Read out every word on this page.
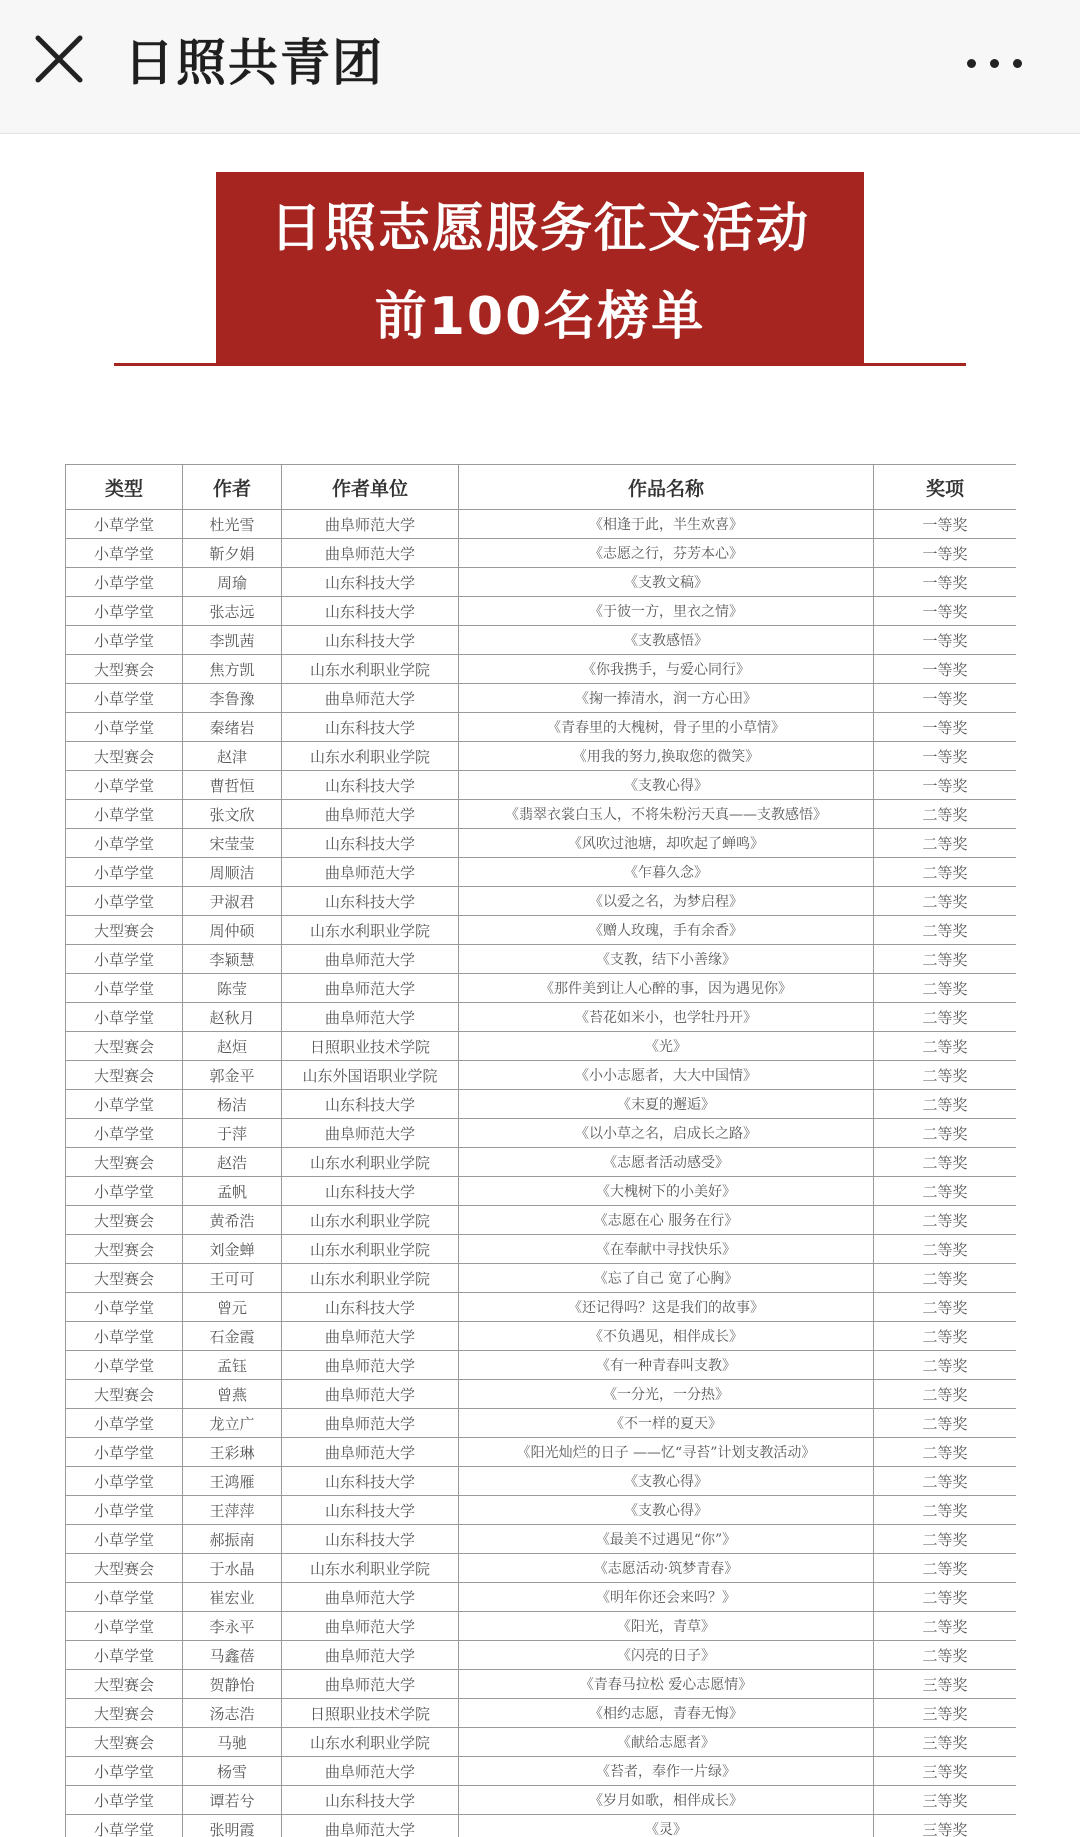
日照共青团
日照志愿服务征文活动
前100名榜单
类型	作者	作者单位	作品名称	奖项
小草学堂	杜光雪	曲阜师范大学	《相逢于此，半生欢喜》	一等奖
小草学堂	靳夕娟	曲阜师范大学	《志愿之行，芬芳本心》	一等奖
小草学堂	周瑜	山东科技大学	《支教文稿》	一等奖
小草学堂	张志远	山东科技大学	《于彼一方，里衣之情》	一等奖
小草学堂	李凯茜	山东科技大学	《支教感悟》	一等奖
大型赛会	焦方凯	山东水利职业学院	《你我携手，与爱心同行》	一等奖
小草学堂	李鲁豫	曲阜师范大学	《掬一捧清水，润一方心田》	一等奖
小草学堂	秦绪岩	山东科技大学	《青春里的大槐树，骨子里的小草情》	一等奖
大型赛会	赵津	山东水利职业学院	《用我的努力,换取您的微笑》	一等奖
小草学堂	曹哲恒	山东科技大学	《支教心得》	一等奖
小草学堂	张文欣	曲阜师范大学	《翡翠衣裳白玉人，不将朱粉污天真——支教感悟》	二等奖
小草学堂	宋莹莹	山东科技大学	《风吹过池塘，却吹起了蝉鸣》	二等奖
小草学堂	周顺洁	曲阜师范大学	《乍暮久念》	二等奖
小草学堂	尹淑君	山东科技大学	《以爱之名，为梦启程》	二等奖
大型赛会	周仲硕	山东水利职业学院	《赠人玫瑰，手有余香》	二等奖
小草学堂	李颖慧	曲阜师范大学	《支教，结下小善缘》	二等奖
小草学堂	陈莹	曲阜师范大学	《那件美到让人心醉的事，因为遇见你》	二等奖
小草学堂	赵秋月	曲阜师范大学	《苔花如米小，也学牡丹开》	二等奖
大型赛会	赵烜	日照职业技术学院	《光》	二等奖
大型赛会	郭金平	山东外国语职业学院	《小小志愿者，大大中国情》	二等奖
小草学堂	杨洁	山东科技大学	《末夏的邂逅》	二等奖
小草学堂	于萍	曲阜师范大学	《以小草之名，启成长之路》	二等奖
大型赛会	赵浩	山东水利职业学院	《志愿者活动感受》	二等奖
小草学堂	孟帆	山东科技大学	《大槐树下的小美好》	二等奖
大型赛会	黄希浩	山东水利职业学院	《志愿在心 服务在行》	二等奖
大型赛会	刘金蝉	山东水利职业学院	《在奉献中寻找快乐》	二等奖
大型赛会	王可可	山东水利职业学院	《忘了自己 宽了心胸》	二等奖
小草学堂	曾元	山东科技大学	《还记得吗？这是我们的故事》	二等奖
小草学堂	石金霞	曲阜师范大学	《不负遇见，相伴成长》	二等奖
小草学堂	孟钰	曲阜师范大学	《有一种青春叫支教》	二等奖
大型赛会	曾燕	曲阜师范大学	《一分光，一分热》	二等奖
小草学堂	龙立广	曲阜师范大学	《不一样的夏天》	二等奖
小草学堂	王彩琳	曲阜师范大学	《阳光灿烂的日子 ——忆“寻苔”计划支教活动》	二等奖
小草学堂	王鸿雁	山东科技大学	《支教心得》	二等奖
小草学堂	王萍萍	山东科技大学	《支教心得》	二等奖
小草学堂	郝振南	山东科技大学	《最美不过遇见“你”》	二等奖
大型赛会	于水晶	山东水利职业学院	《志愿活动·筑梦青春》	二等奖
小草学堂	崔宏业	曲阜师范大学	《明年你还会来吗？》	二等奖
小草学堂	李永平	曲阜师范大学	《阳光，青草》	二等奖
小草学堂	马鑫蓓	曲阜师范大学	《闪亮的日子》	二等奖
大型赛会	贺静怡	曲阜师范大学	《青春马拉松 爱心志愿情》	三等奖
大型赛会	汤志浩	日照职业技术学院	《相约志愿，青春无悔》	三等奖
大型赛会	马驰	山东水利职业学院	《献给志愿者》	三等奖
小草学堂	杨雪	曲阜师范大学	《苔者，奉作一片绿》	三等奖
小草学堂	谭若兮	山东科技大学	《岁月如歌，相伴成长》	三等奖
小草学堂	张明霞	曲阜师范大学	《灵》	三等奖
